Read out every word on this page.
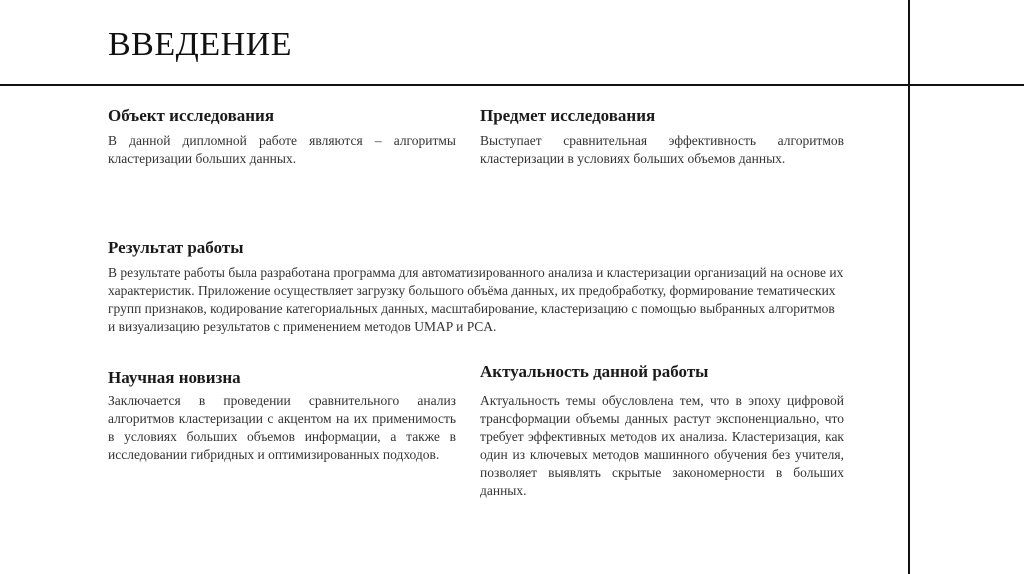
ВВЕДЕНИЕ
Объект исследования

В данной дипломной работе являются – алгоритмы кластеризации больших данных.

Предмет исследования

Выступает сравнительная эффективность алгоритмов кластеризации в условиях больших объемов данных.

Результат работы

В результате работы была разработана программа для автоматизированного анализа и кластеризации организаций на основе их характеристик. Приложение осуществляет загрузку большого объёма данных, их предобработку, формирование тематических групп признаков, кодирование категориальных данных, масштабирование, кластеризацию с помощью выбранных алгоритмов и визуализацию результатов с применением методов UMAP и PCA.

Научная новизна

Заключается в проведении сравнительного анализ алгоритмов кластеризации с акцентом на их применимость в условиях больших объемов информации, а также в исследовании гибридных и оптимизированных подходов.

Актуальность данной работы

Актуальность темы обусловлена тем, что в эпоху цифровой трансформации объемы данных растут экспоненциально, что требует эффективных методов их анализа. Кластеризация, как один из ключевых методов машинного обучения без учителя, позволяет выявлять скрытые закономерности в больших данных.
